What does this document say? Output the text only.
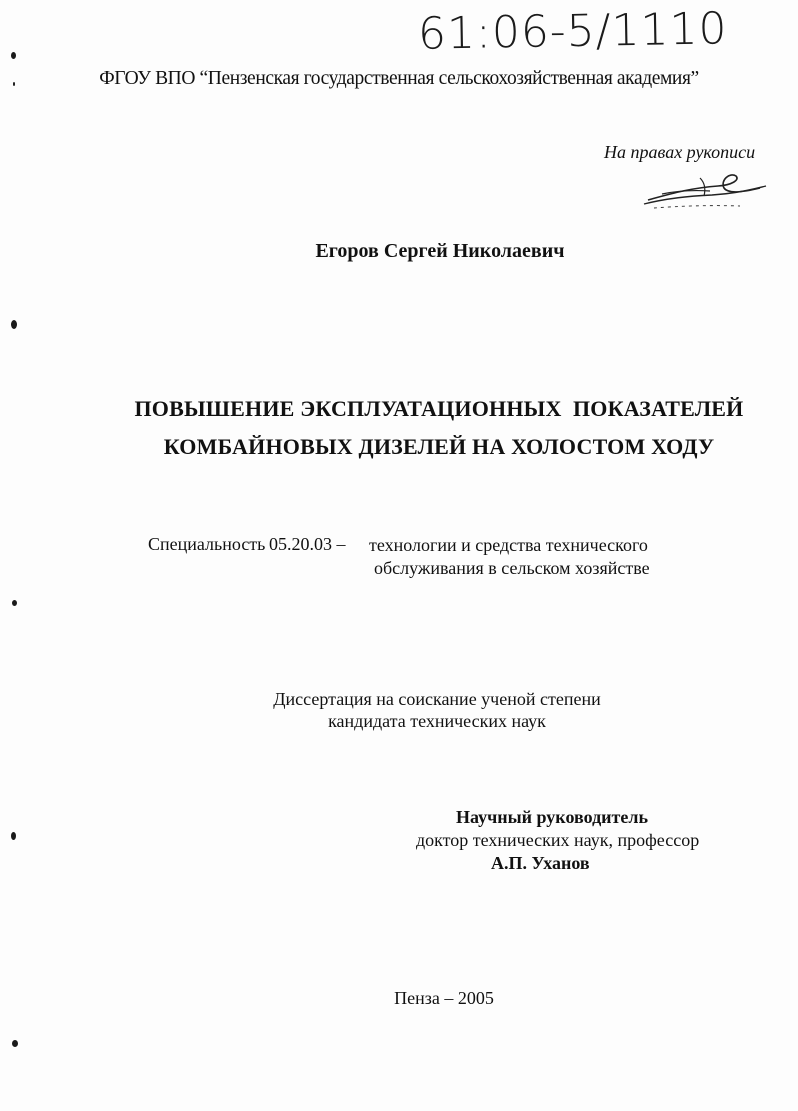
61:06-5/1110
ФГОУ ВПО “Пензенская государственная сельскохозяйственная академия”
На правах рукописи
Егоров Сергей Николаевич
ПОВЫШЕНИЕ ЭКСПЛУАТАЦИОННЫХ  ПОКАЗАТЕЛЕЙ
КОМБАЙНОВЫХ ДИЗЕЛЕЙ НА ХОЛОСТОМ ХОДУ
Специальность 05.20.03 – технологии и средства технического
обслуживания в сельском хозяйстве
Диссертация на соискание ученой степени
кандидата технических наук
Научный руководитель
доктор технических наук, профессор
А.П. Уханов
Пенза – 2005
